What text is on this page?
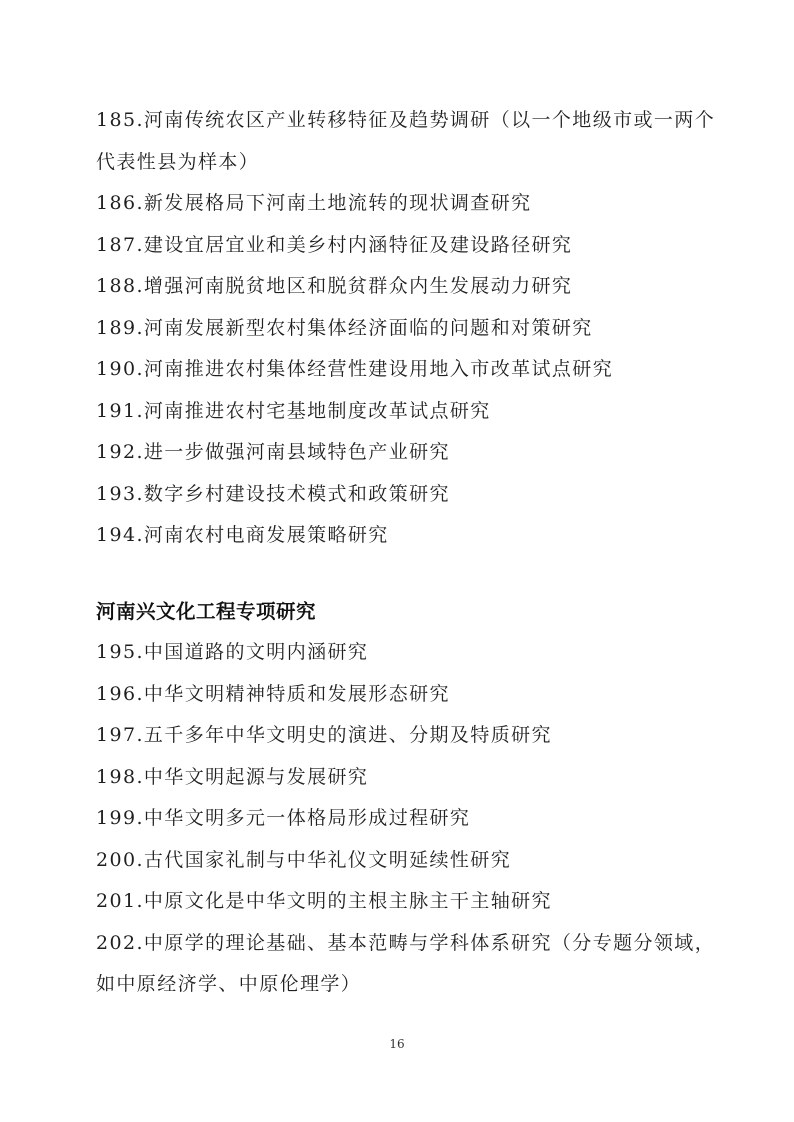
185.河南传统农区产业转移特征及趋势调研（以一个地级市或一两个代表性县为样本）
186.新发展格局下河南土地流转的现状调查研究
187.建设宜居宜业和美乡村内涵特征及建设路径研究
188.增强河南脱贫地区和脱贫群众内生发展动力研究
189.河南发展新型农村集体经济面临的问题和对策研究
190.河南推进农村集体经营性建设用地入市改革试点研究
191.河南推进农村宅基地制度改革试点研究
192.进一步做强河南县域特色产业研究
193.数字乡村建设技术模式和政策研究
194.河南农村电商发展策略研究
河南兴文化工程专项研究
195.中国道路的文明内涵研究
196.中华文明精神特质和发展形态研究
197.五千多年中华文明史的演进、分期及特质研究
198.中华文明起源与发展研究
199.中华文明多元一体格局形成过程研究
200.古代国家礼制与中华礼仪文明延续性研究
201.中原文化是中华文明的主根主脉主干主轴研究
202.中原学的理论基础、基本范畴与学科体系研究（分专题分领域，如中原经济学、中原伦理学）
16
